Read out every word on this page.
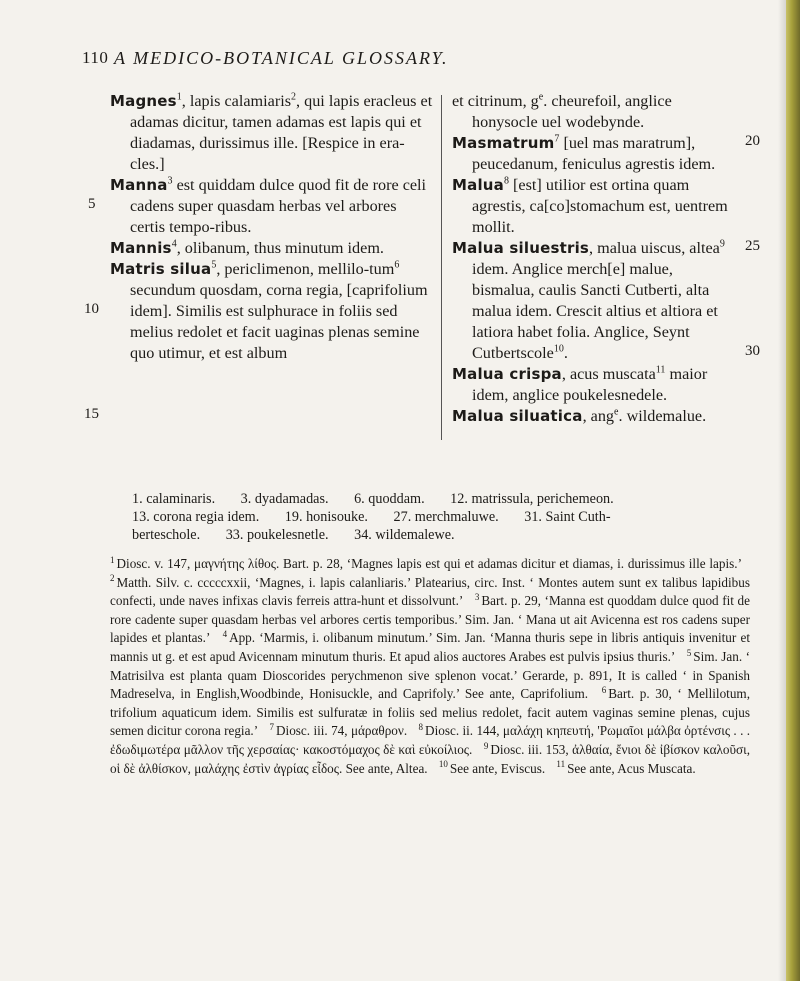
110 A MEDICO-BOTANICAL GLOSSARY.

Magnes$^1$, lapis calamiaris$^2$, qui lapis eracleus et adamas dicitur, tamen adamas est lapis qui et diadamas, durissimus ille. [Respice in era-cles.]

Manna$^3$ est quiddam dulce quod fit de rore celi cadens super quasdam herbas vel arbores certis tempo-ribus.

Mannis$^4$, olibanum, thus minutum idem.

Matris silua$^5$, periclimenon, mellilo-tum$^6$ secundum quosdam, corna regia, [caprifolium idem]. Similis est sulphurace in foliis sed melius redolet et facit uaginas plenas semine quo utimur, et est album

et citrinum, $g^e$. cheurefoil, anglice honysocle uel wodebynde.

Masmatrum$^7$ [uel mas maratrum], peucedanum, feniculus agrestis idem.

Malua$^8$ [est] utilior est ortina quam agrestis, ca[co]stomachum est, uentrem mollit.

Malua siluestris, malua uiscus, altea$^9$ idem. Anglice merch[e] malue, bismalua, caulis Sancti Cutberti, alta malua idem. Crescit altius et altiora et latiora habet folia. Anglice, Seynt Cutbertscole$^{10}$.

Malua crispa, acus muscata$^{11}$ maior idem, anglice poukelesnedele.

Malua siluatica, ang$^e$. wildemalue.

5
10
15
20
25
30
1. calaminaris. 3. dyadamadas. 6. quoddam. 12. matrissula, perichemeon.
13. corona regia idem. 19. honisouke. 27. merchmaluwe. 31. Saint Cuth-
berteschole. 33. poukelesnetle. 34. wildemalewe.

$^1$ Diosc. v. 147, μαγνήτης λίθος. Bart. p. 28, ‘Magnes lapis est qui et adamas dicitur et diamas, i. durissimus ille lapis.’ $^2$ Matth. Silv. c. cccccxxii, ‘Magnes, i. lapis calanliaris.’ Platearius, circ. Inst. ‘ Montes autem sunt ex talibus lapidibus confecti, unde naves infixas clavis ferreis attra-hunt et dissolvunt.’ $^3$ Bart. p. 29, ‘Manna est quoddam dulce quod fit de rore cadente super quasdam herbas vel arbores certis temporibus.’ Sim. Jan. ‘ Mana ut ait Avicenna est ros cadens super lapides et plantas.’ $^4$ App. ‘Marmis, i. olibanum minutum.’ Sim. Jan. ‘Manna thuris sepe in libris antiquis invenitur et mannis ut g. et est apud Avicennam minutum thuris. Et apud alios auctores Arabes est pulvis ipsius thuris.’ $^5$ Sim. Jan. ‘ Matrisilva est planta quam Dioscorides perychmenon sive splenon vocat.’ Gerarde, p. 891, It is called ‘ in Spanish Madreselva, in English,Woodbinde, Honisuckle, and Caprifoly.’ See ante, Caprifolium. $^6$ Bart. p. 30, ‘ Mellilotum, trifolium aquaticum idem. Similis est sulfuratæ in foliis sed melius redolet, facit autem vaginas semine plenas, cujus semen dicitur corona regia.’ $^7$ Diosc. iii. 74, μάραθρον. $^8$ Diosc. ii. 144, μαλάχη κηπευτή, 'Ρωμαῖοι μάλβα ὀρτένσις . . . ἐδωδιμωτέρα μᾶλλον τῆς χερσαίας· κακοστόμαχος δὲ καὶ εὐκοίλιος. $^9$ Diosc. iii. 153, ἀλθαία, ἔνιοι δὲ ἰβίσκον καλοῦσι, οἱ δὲ ἀλθίσκον, μαλάχης ἐστὶν ἀγρίας εἶδος. See ante, Altea. $^{10}$ See ante, Eviscus. $^{11}$ See ante, Acus Muscata.
